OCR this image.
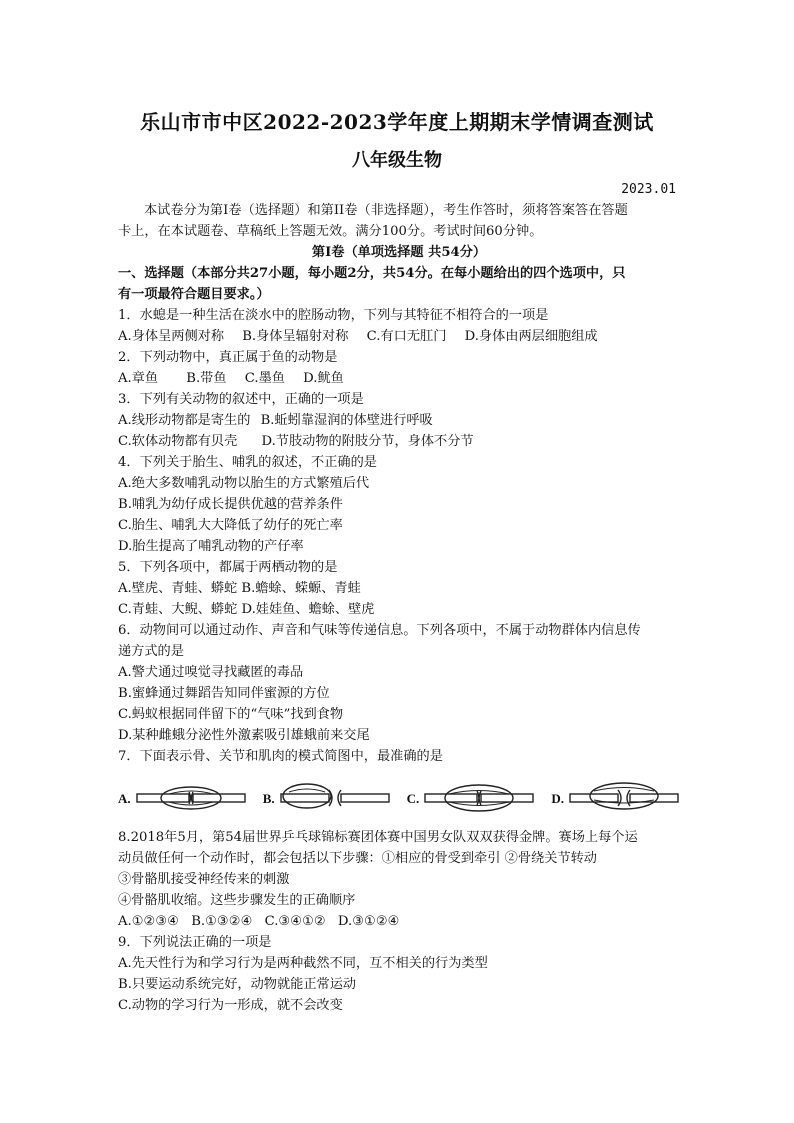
乐山市市中区2022-2023学年度上期期末学情调查测试
八年级生物
2023.01
本试卷分为第I卷（选择题）和第II卷（非选择题），考生作答时，须将答案答在答题
卡上，在本试题卷、草稿纸上答题无效。满分100分。考试时间60分钟。
第I卷（单项选择题 共54分）
一、选择题（本部分共27小题，每小题2分，共54分。在每小题给出的四个选项中，只
有一项最符合题目要求。）
1．水螅是一种生活在淡水中的腔肠动物，下列与其特征不相符合的一项是
A.身体呈两侧对称 B.身体呈辐射对称 C.有口无肛门 D.身体由两层细胞组成
2．下列动物中，真正属于鱼的动物是
A.章鱼 B.带鱼 C.墨鱼 D.鱿鱼
3．下列有关动物的叙述中，正确的一项是
A.线形动物都是寄生的 B.蚯蚓靠湿润的体壁进行呼吸
C.软体动物都有贝壳 D.节肢动物的附肢分节，身体不分节
4．下列关于胎生、哺乳的叙述，不正确的是
A.绝大多数哺乳动物以胎生的方式繁殖后代
B.哺乳为幼仔成长提供优越的营养条件
C.胎生、哺乳大大降低了幼仔的死亡率
D.胎生提高了哺乳动物的产仔率
5．下列各项中，都属于两栖动物的是
A.壁虎、青蛙、蟒蛇 B.蟾蜍、蝾螈、青蛙
C.青蛙、大鲵、蟒蛇 D.娃娃鱼、蟾蜍、壁虎
6．动物间可以通过动作、声音和气味等传递信息。下列各项中，不属于动物群体内信息传
递方式的是
A.警犬通过嗅觉寻找藏匿的毒品
B.蜜蜂通过舞蹈告知同伴蜜源的方位
C.蚂蚁根据同伴留下的“气味”找到食物
D.某种雌蛾分泌性外激素吸引雄蛾前来交尾
7．下面表示骨、关节和肌肉的模式简图中，最准确的是
A.	B.	C.	D.
8.2018年5月，第54届世界乒乓球锦标赛团体赛中国男女队双双获得金牌。赛场上每个运
动员做任何一个动作时，都会包括以下步骤：①相应的骨受到牵引 ②骨绕关节转动
③骨骼肌接受神经传来的刺激
④骨骼肌收缩。这些步骤发生的正确顺序
A.①②③④ B.①③②④ C.③④①② D.③①②④
9．下列说法正确的一项是
A.先天性行为和学习行为是两种截然不同，互不相关的行为类型
B.只要运动系统完好，动物就能正常运动
C.动物的学习行为一形成，就不会改变
